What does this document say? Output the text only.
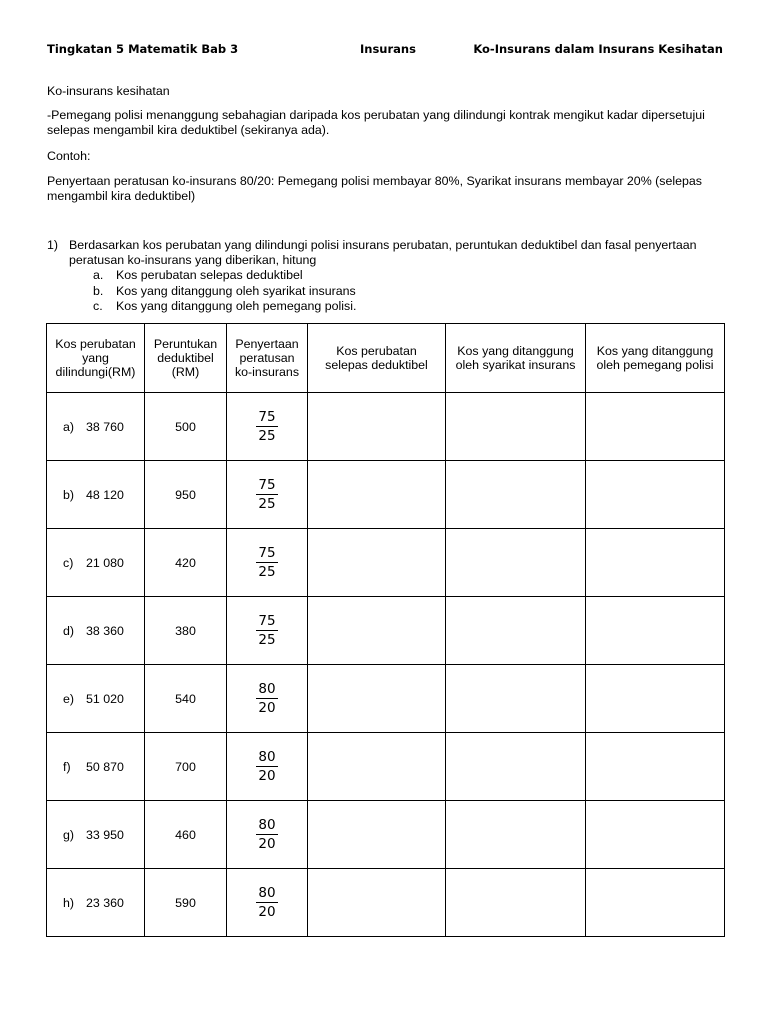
Tingkatan 5 Matematik Bab 3	Insurans	Ko-Insurans dalam Insurans Kesihatan
Ko-insurans kesihatan
-Pemegang polisi menanggung sebahagian daripada kos perubatan yang dilindungi kontrak mengikut kadar dipersetujui selepas mengambil kira deduktibel (sekiranya ada).
Contoh:
Penyertaan peratusan ko-insurans 80/20: Pemegang polisi membayar 80%, Syarikat insurans membayar 20% (selepas mengambil kira deduktibel)
1) Berdasarkan kos perubatan yang dilindungi polisi insurans perubatan, peruntukan deduktibel dan fasal penyertaan peratusan ko-insurans yang diberikan, hitung
a. Kos perubatan selepas deduktibel
b. Kos yang ditanggung oleh syarikat insurans
c. Kos yang ditanggung oleh pemegang polisi.
Kos perubatan yang dilindungi(RM)	Peruntukan deduktibel (RM)	Penyertaan peratusan ko-insurans	Kos perubatan selepas deduktibel	Kos yang ditanggung oleh syarikat insurans	Kos yang ditanggung oleh pemegang polisi

a) 38 760	500	$\frac{75}{25}$

b) 48 120	950	$\frac{75}{25}$

c) 21 080	420	$\frac{75}{25}$

d) 38 360	380	$\frac{75}{25}$

e) 51 020	540	$\frac{80}{20}$

f) 50 870	700	$\frac{80}{20}$

g) 33 950	460	$\frac{80}{20}$

h) 23 360	590	$\frac{80}{20}$
